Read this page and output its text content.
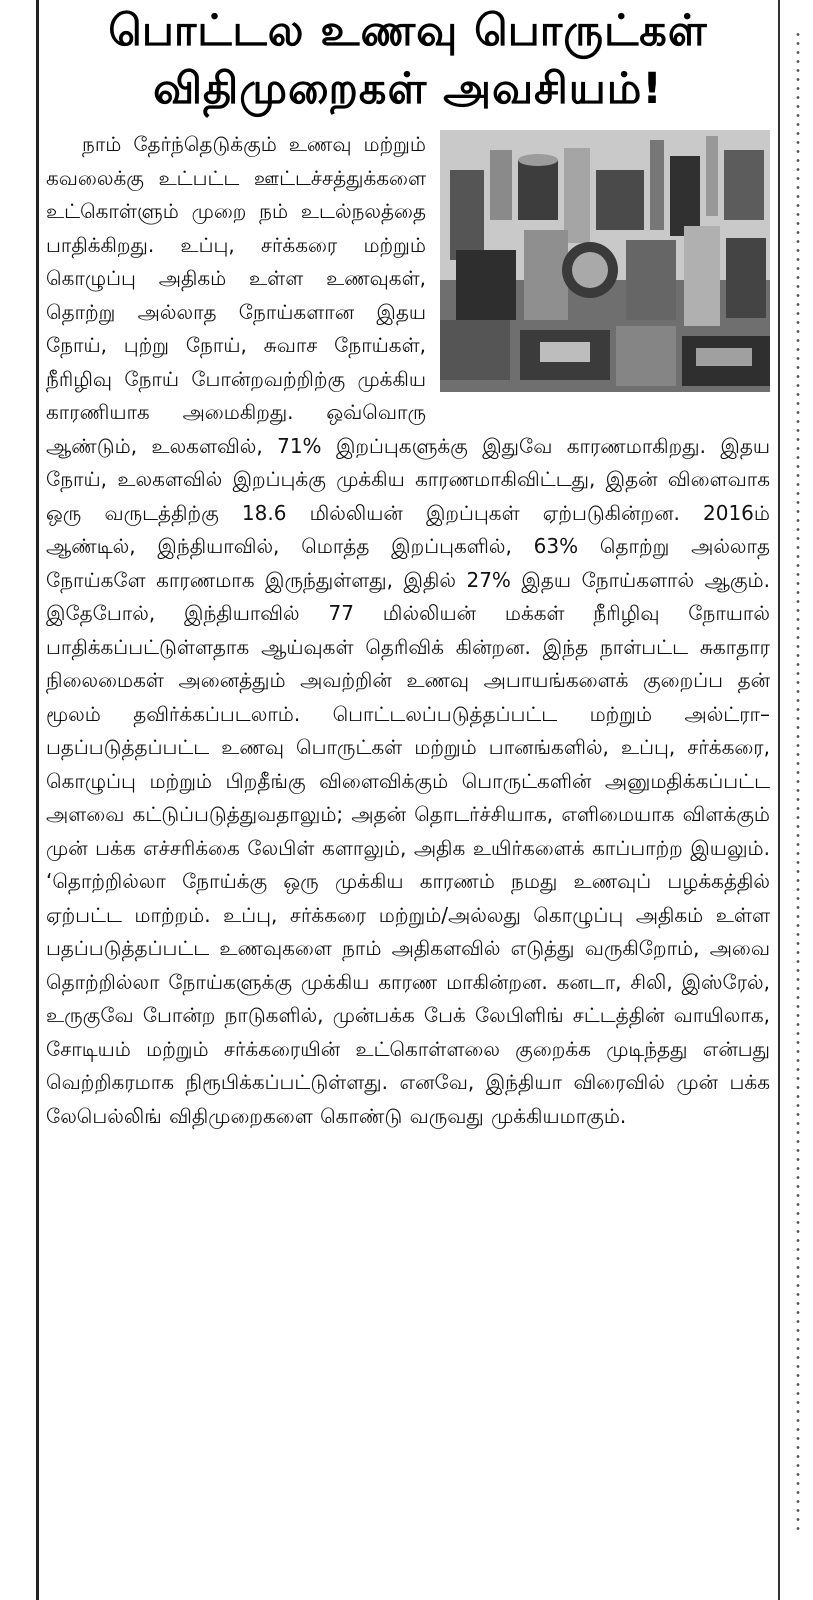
பொட்டல உணவு பொருட்கள்
விதிமுறைகள் அவசியம்!
நாம் தேர்ந்தெடுக்கும் உணவு மற்றும் கவலைக்கு உட்பட்ட ஊட்டச்சத்துக்களை உட்கொள்ளும் முறை நம் உடல்நலத்தை பாதிக்கிறது. உப்பு, சர்க்கரை மற்றும் கொழுப்பு அதிகம் உள்ள உணவுகள், தொற்று அல்லாத நோய்களான இதய நோய், புற்று நோய், சுவாச நோய்கள், நீரிழிவு நோய் போன்றவற்றிற்கு முக்கிய காரணியாக அமைகிறது. ஒவ்வொரு ஆண்டும், உலகளவில், 71% இறப்புகளுக்கு இதுவே காரணமாகிறது. இதய நோய், உலகளவில் இறப்புக்கு முக்கிய காரணமாகிவிட்டது, இதன் விளைவாக ஒரு வருடத்திற்கு 18.6 மில்லியன் இறப்புகள் ஏற்படுகின்றன. 2016ம் ஆண்டில், இந்தியாவில், மொத்த இறப்புகளில், 63% தொற்று அல்லாத நோய்களே காரணமாக இருந்துள்ளது, இதில் 27% இதய நோய்களால் ஆகும். இதேபோல், இந்தியாவில் 77 மில்லியன் மக்கள் நீரிழிவு நோயால் பாதிக்கப்பட்டுள்ளதாக ஆய்வுகள் தெரிவிக் கின்றன. இந்த நாள்பட்ட சுகாதார நிலைமைகள் அனைத்தும் அவற்றின் உணவு அபாயங்களைக் குறைப்ப தன் மூலம் தவிர்க்கப்படலாம். பொட்டலப்படுத்தப்பட்ட மற்றும் அல்ட்ரா–பதப்படுத்தப்பட்ட உணவு பொருட்கள் மற்றும் பானங்களில், உப்பு, சர்க்கரை, கொழுப்பு மற்றும் பிறதீங்கு விளைவிக்கும் பொருட்களின் அனுமதிக்கப்பட்ட அளவை கட்டுப்படுத்துவதாலும்; அதன் தொடர்ச்சியாக, எளிமையாக விளக்கும் முன் பக்க எச்சரிக்கை லேபிள் களாலும், அதிக உயிர்களைக் காப்பாற்ற இயலும். ‘தொற்றில்லா நோய்க்கு ஒரு முக்கிய காரணம் நமது உணவுப் பழக்கத்தில் ஏற்பட்ட மாற்றம். உப்பு, சர்க்கரை மற்றும்/அல்லது கொழுப்பு அதிகம் உள்ள பதப்படுத்தப்பட்ட உணவுகளை நாம் அதிகளவில் எடுத்து வருகிறோம், அவை தொற்றில்லா நோய்களுக்கு முக்கிய காரண மாகின்றன. கனடா, சிலி, இஸ்ரேல், உருகுவே போன்ற நாடுகளில், முன்பக்க பேக் லேபிளிங் சட்டத்தின் வாயிலாக, சோடியம் மற்றும் சர்க்கரையின் உட்கொள்ளலை குறைக்க முடிந்தது என்பது வெற்றிகரமாக நிரூபிக்கப்பட்டுள்ளது. எனவே, இந்தியா விரைவில் முன் பக்க லேபெல்லிங் விதிமுறைகளை கொண்டு வருவது முக்கியமாகும்.
